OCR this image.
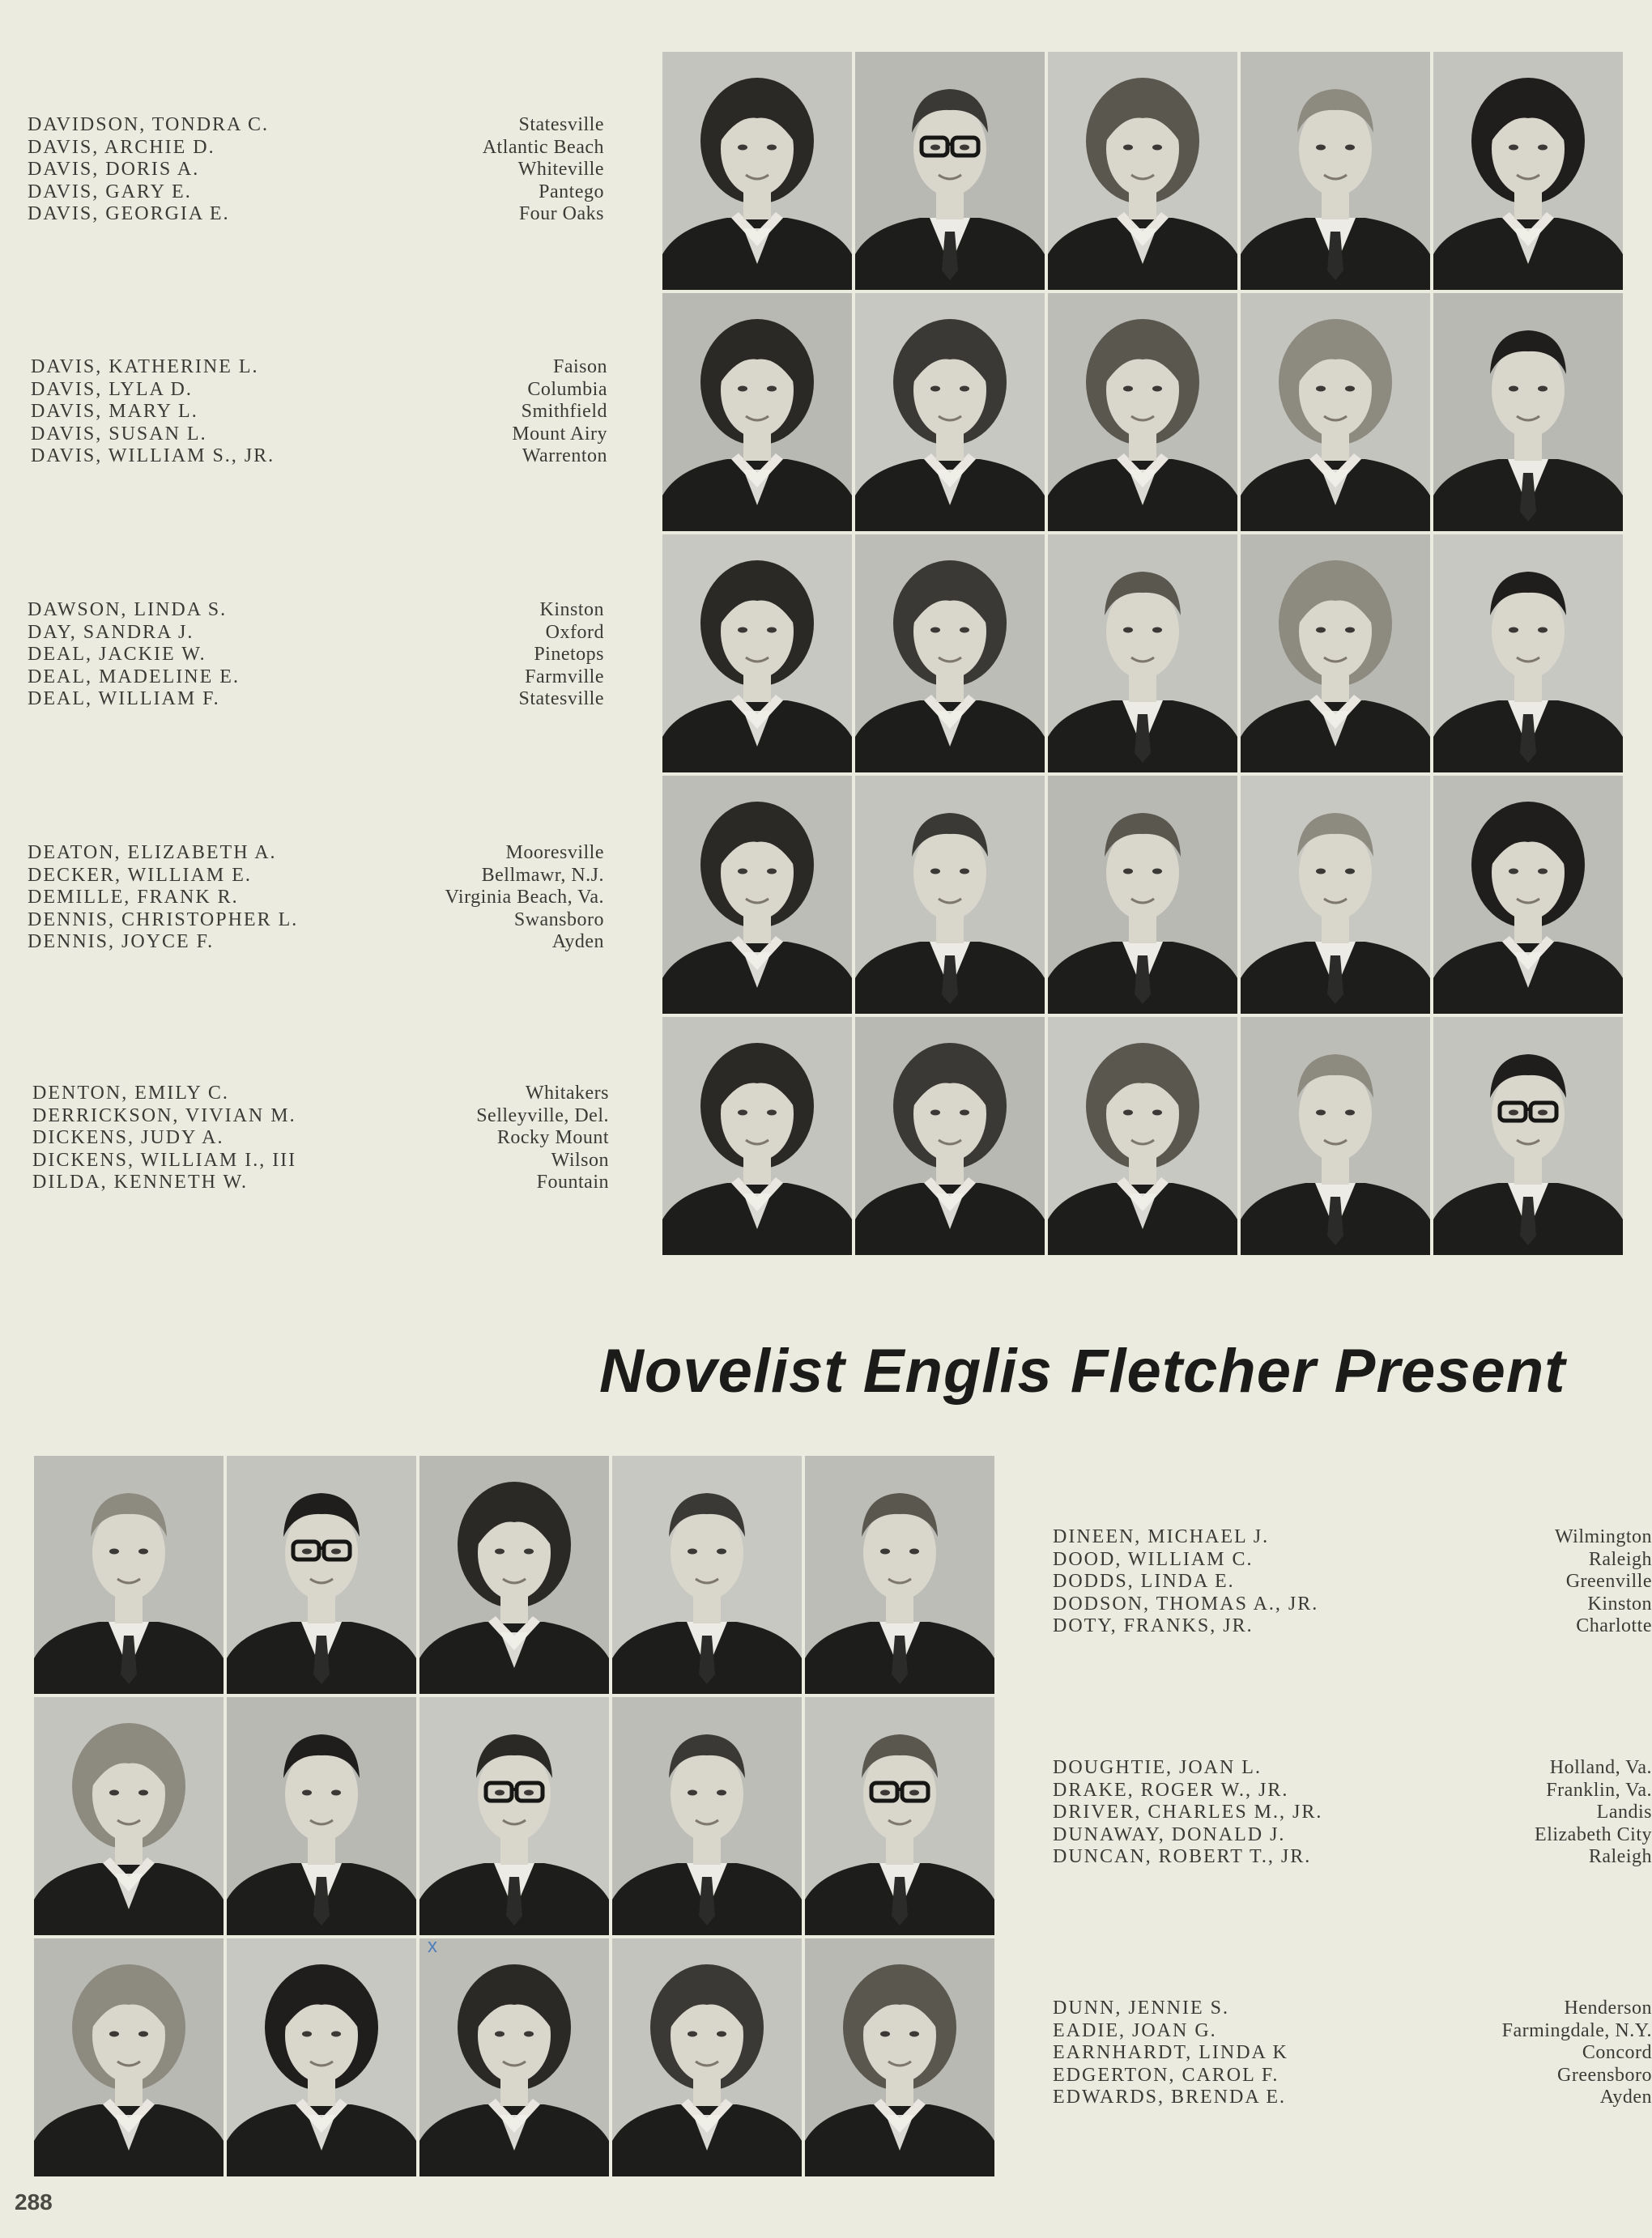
DAVIDSON, TONDRA C.	Statesville
DAVIS, ARCHIE D.	Atlantic Beach
DAVIS, DORIS A.	Whiteville
DAVIS, GARY E.	Pantego
DAVIS, GEORGIA E.	Four Oaks
DAVIS, KATHERINE L.	Faison
DAVIS, LYLA D.	Columbia
DAVIS, MARY L.	Smithfield
DAVIS, SUSAN L.	Mount Airy
DAVIS, WILLIAM S., JR.	Warrenton
DAWSON, LINDA S.	Kinston
DAY, SANDRA J.	Oxford
DEAL, JACKIE W.	Pinetops
DEAL, MADELINE E.	Farmville
DEAL, WILLIAM F.	Statesville
DEATON, ELIZABETH A.	Mooresville
DECKER, WILLIAM E.	Bellmawr, N.J.
DEMILLE, FRANK R.	Virginia Beach, Va.
DENNIS, CHRISTOPHER L.	Swansboro
DENNIS, JOYCE F.	Ayden
DENTON, EMILY C.	Whitakers
DERRICKSON, VIVIAN M.	Selleyville, Del.
DICKENS, JUDY A.	Rocky Mount
DICKENS, WILLIAM I., III	Wilson
DILDA, KENNETH W.	Fountain
Novelist Englis Fletcher Present
DINEEN, MICHAEL J.	Wilmington
DOOD, WILLIAM C.	Raleigh
DODDS, LINDA E.	Greenville
DODSON, THOMAS A., JR.	Kinston
DOTY, FRANKS, JR.	Charlotte
DOUGHTIE, JOAN L.	Holland, Va.
DRAKE, ROGER W., JR.	Franklin, Va.
DRIVER, CHARLES M., JR.	Landis
DUNAWAY, DONALD J.	Elizabeth City
DUNCAN, ROBERT T., JR.	Raleigh
DUNN, JENNIE S.	Henderson
EADIE, JOAN G.	Farmingdale, N.Y.
EARNHARDT, LINDA K	Concord
EDGERTON, CAROL F.	Greensboro
EDWARDS, BRENDA E.	Ayden
x
288
